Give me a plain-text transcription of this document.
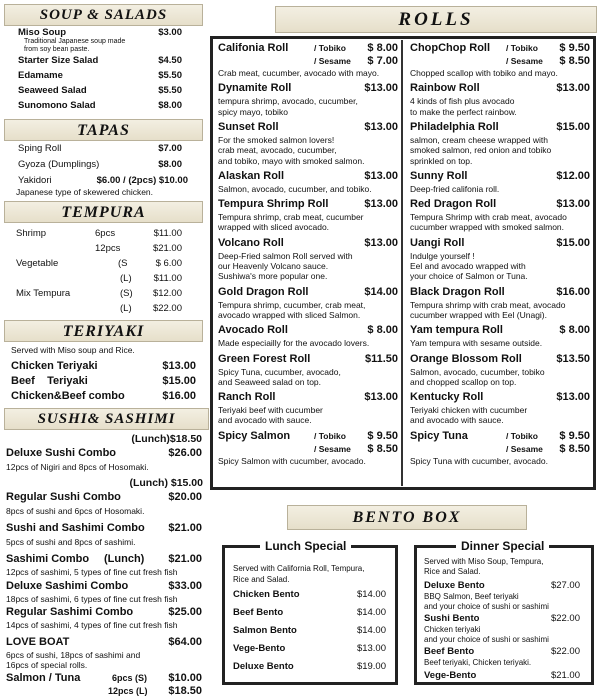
SOUP & SALADS
Miso Soup	$3.00
Traditional Japanese soup made from soy bean paste.
Starter Size Salad	$4.50
Edamame	$5.50
Seaweed Salad	$5.50
Sunomono Salad	$8.00
TAPAS
Sping Roll	$7.00
Gyoza (Dumplings)	$8.00
Yakidori	$6.00 / (2pcs) $10.00
Japanese type of skewered chicken.
TEMPURA
Shrimp	6pcs	$11.00
12pcs	$21.00
Vegetable	(S	$ 6.00
(L)	$11.00
Mix Tempura	(S)	$12.00
(L)	$22.00
TERIYAKI
Served with Miso soup and Rice.
Chicken Teriyaki	$13.00
Beef    Teriyaki	$15.00
Chicken&Beef combo	$16.00
SUSHI& SASHIMI
(Lunch)$18.50
Deluxe Sushi Combo	$26.00
12pcs of Nigiri and 8pcs of Hosomaki.
(Lunch) $15.00
Regular Sushi Combo	$20.00
8pcs of sushi and 6pcs of Hosomaki.
Sushi and Sashimi Combo	$21.00
5pcs of sushi and 8pcs of sashimi.
Sashimi Combo (Lunch)	$21.00
12pcs of sashimi, 5 types of fine cut fresh fish
Deluxe Sashimi Combo	$33.00
18pcs of sashimi, 6 types of fine cut fresh fish
Regular Sashimi Combo	$25.00
14pcs of sashimi, 4 types of fine cut fresh fish
LOVE BOAT	$64.00
6pcs of sushi, 18pcs of sashimi and
16pcs of special rolls.
Salmon / Tuna	6pcs (S)	$10.00
12pcs (L)	$18.50
ROLLS
Califonia Roll	/ Tobiko $ 8.00
/ Sesame $ 7.00
Crab meat, cucumber, avocado with mayo.
Dynamite Roll	$13.00
tempura shrimp, avocado, cucumber,
spicy mayo, tobiko
Sunset Roll	$13.00
For the smoked salmon lovers!
crab meat, avocado, cucumber,
and tobiko, mayo with smoked salmon.
Alaskan Roll	$13.00
Salmon, avocado, cucumber, and tobiko.
Tempura Shrimp Roll	$13.00
Tempura shrimp, crab meat, cucumber
wrapped with sliced avocado.
Volcano Roll	$13.00
Deep-Fried salmon Roll served with
our Heavenly Volcano sauce.
Sushiwa's more popular one.
Gold Dragon Roll	$14.00
Tempura shrimp, cucumber, crab meat,
avocado wrapped with sliced Salmon.
Avocado Roll	$ 8.00
Made especiailly for the avocado lovers.
Green Forest Roll	$11.50
Spicy Tuna, cucumber, avocado,
and Seaweed salad on top.
Ranch Roll	$13.00
Teriyaki beef with cucumber
and avocado with sauce.
Spicy Salmon	/ Tobiko $ 9.50
/ Sesame $ 8.50
Spicy Salmon with cucumber, avocado.
ChopChop Roll / Tobiko $ 9.50
/ Sesame $ 8.50
Chopped scallop with tobiko and mayo.
Rainbow Roll	$13.00
4 kinds of fish plus avocado
to make the perfect rainbow.
Philadelphia Roll	$15.00
salmon, cream cheese wrapped with
smoked salmon, red onion and tobiko
sprinkled on top.
Sunny Roll	$12.00
Deep-fried califonia roll.
Red Dragon Roll	$13.00
Tempura Shrimp with crab meat, avocado
cucumber wrapped with smoked salmon.
Uangi Roll	$15.00
Indulge yourself !
Eel and avocado wrapped with
your choice of Salmon or Tuna.
Black Dragon Roll	$16.00
Tempura shrimp with crab meat, avocado
cucumber wrapped with Eel (Unagi).
Yam tempura Roll	$ 8.00
Yam tempura with sesame outside.
Orange Blossom Roll	$13.50
Salmon, avocado, cucumber, tobiko
and chopped scallop on top.
Kentucky Roll	$13.00
Teriyaki chicken with cucumber
and avocado with sauce.
Spicy Tuna	/ Tobiko $ 9.50
/ Sesame $ 8.50
Spicy Tuna with cucumber, avocado.
BENTO BOX
Lunch Special
Served with California Roll, Tempura,
Rice and Salad.
Chicken Bento	$14.00
Beef Bento	$14.00
Salmon Bento	$14.00
Vege-Bento	$13.00
Deluxe Bento	$19.00
Dinner Special
Served with Miso Soup, Tempura,
Rice and Salad.
Deluxe Bento	$27.00
BBQ Salmon, Beef teriyaki
and your choice of sushi or sashimi
Sushi Bento	$22.00
Chicken teriyaki
and your choice of sushi or sashimi
Beef Bento	$22.00
Beef teriyaki, Chicken teriyaki.
Vege-Bento	$21.00
